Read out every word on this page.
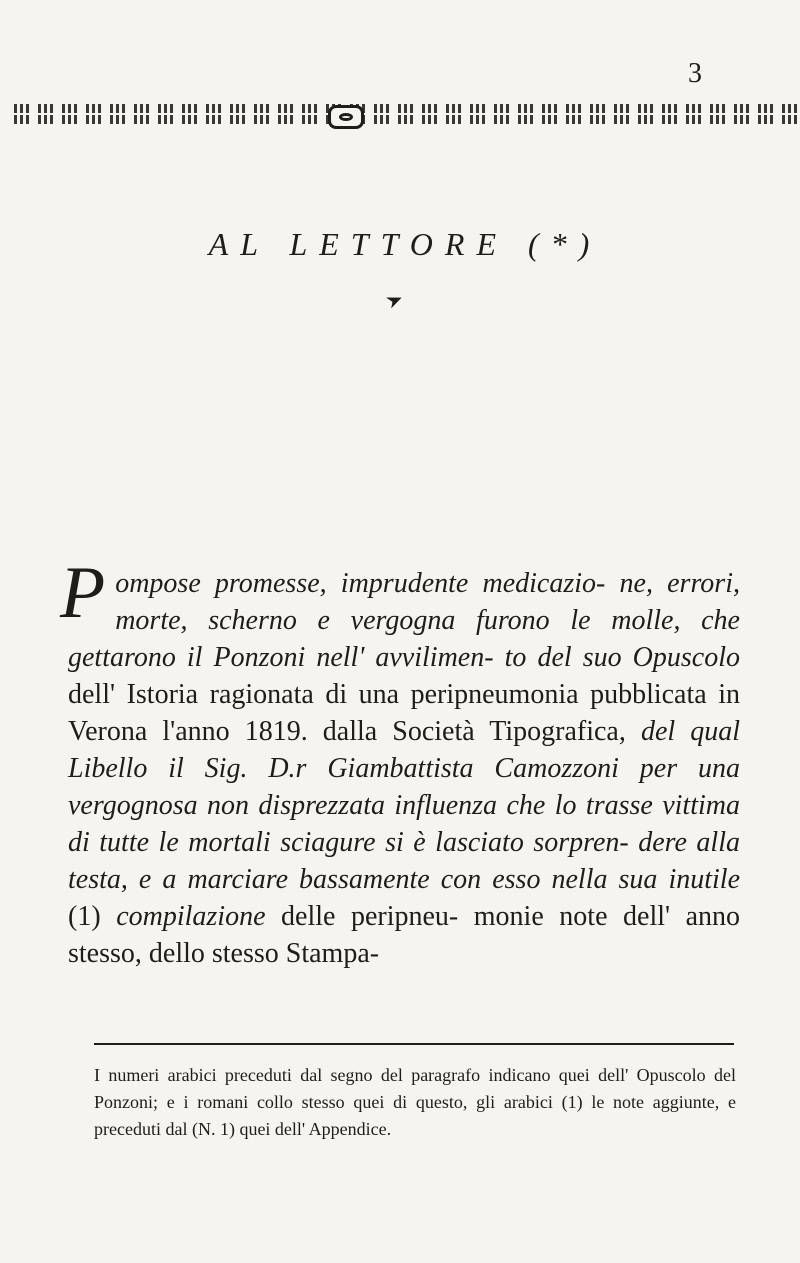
3
AL LETTORE (*)
P ompose promesse, imprudente medicazio- ne, errori, morte, scherno e vergogna furono le molle, che gettarono il Ponzoni nell' avvilimen- to del suo Opuscolo dell' Istoria ragionata di una peripneumonia pubblicata in Verona l'anno 1819. dalla Società Tipografica, del qual Libello il Sig. D.r Giambattista Camozzoni per una vergognosa non disprezzata influenza che lo trasse vittima di tutte le mortali sciagure si è lasciato sorpren- dere alla testa, e a marciare bassamente con esso nella sua inutile (1) compilazione delle peripneu- monie note dell' anno stesso, dello stesso Stampa-
I numeri arabici preceduti dal segno del paragrafo indicano quei dell' Opuscolo del Ponzoni; e i romani collo stesso quei di questo, gli arabici (1) le note aggiunte, e preceduti dal (N. 1) quei dell' Appendice.
